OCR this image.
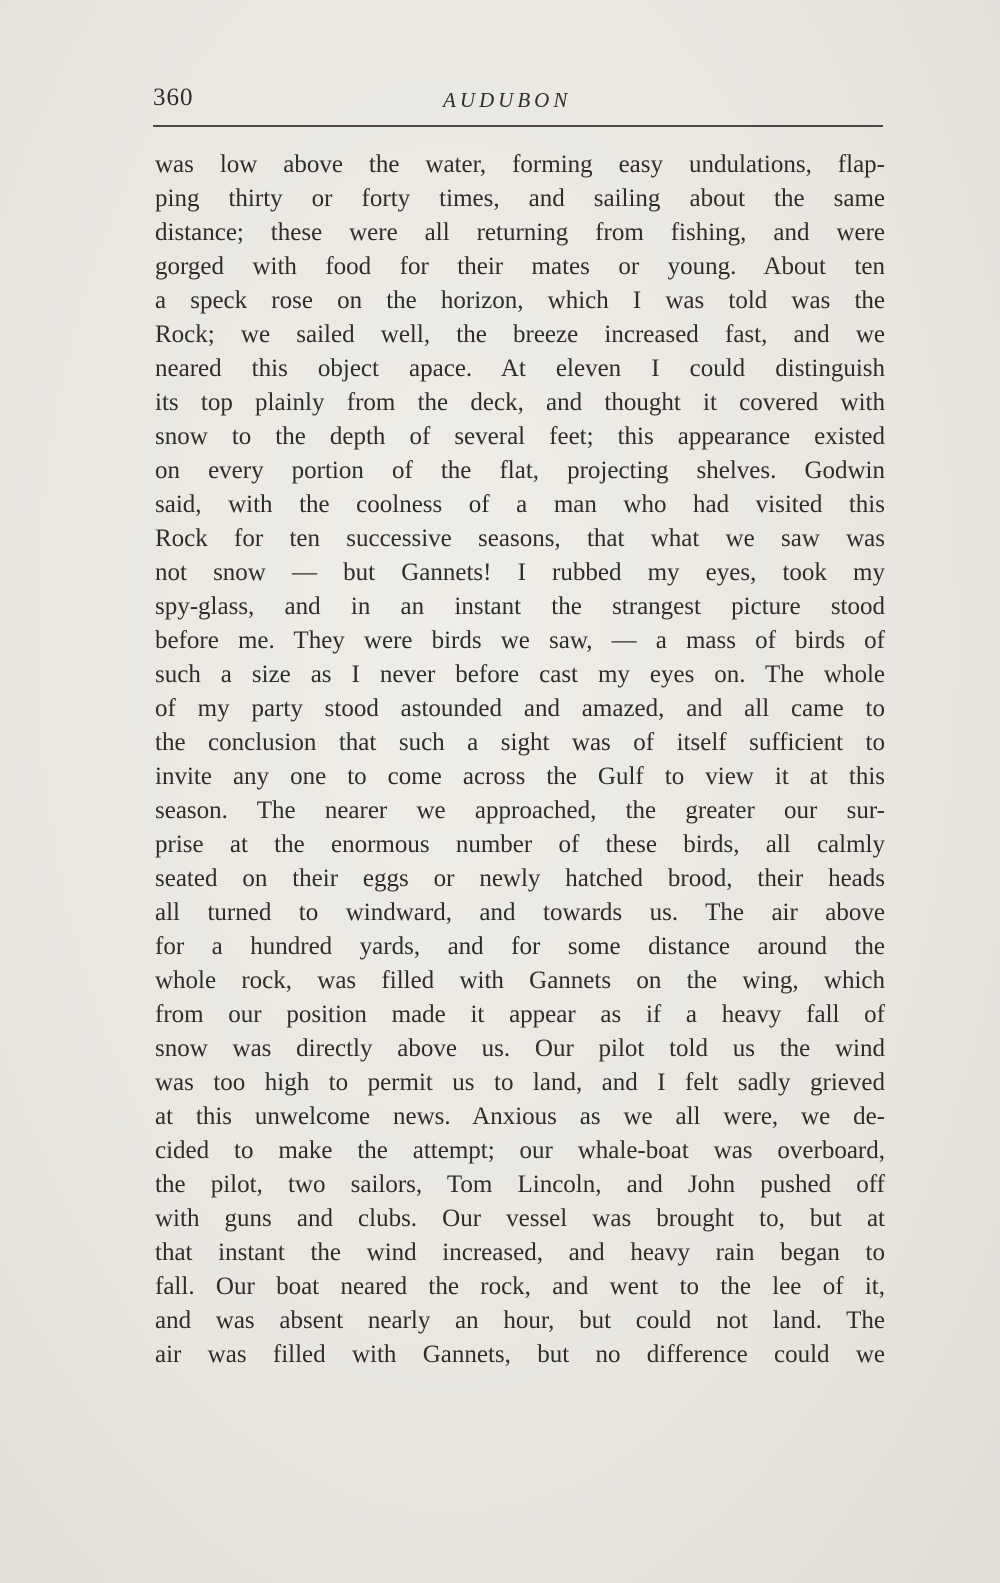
360	AUDUBON
was low above the water, forming easy undulations, flap-
ping thirty or forty times, and sailing about the same
distance; these were all returning from fishing, and were
gorged with food for their mates or young. About ten
a speck rose on the horizon, which I was told was the
Rock; we sailed well, the breeze increased fast, and we
neared this object apace. At eleven I could distinguish
its top plainly from the deck, and thought it covered with
snow to the depth of several feet; this appearance existed
on every portion of the flat, projecting shelves. Godwin
said, with the coolness of a man who had visited this
Rock for ten successive seasons, that what we saw was
not snow — but Gannets! I rubbed my eyes, took my
spy-glass, and in an instant the strangest picture stood
before me. They were birds we saw, — a mass of birds of
such a size as I never before cast my eyes on. The whole
of my party stood astounded and amazed, and all came to
the conclusion that such a sight was of itself sufficient to
invite any one to come across the Gulf to view it at this
season. The nearer we approached, the greater our sur-
prise at the enormous number of these birds, all calmly
seated on their eggs or newly hatched brood, their heads
all turned to windward, and towards us. The air above
for a hundred yards, and for some distance around the
whole rock, was filled with Gannets on the wing, which
from our position made it appear as if a heavy fall of
snow was directly above us. Our pilot told us the wind
was too high to permit us to land, and I felt sadly grieved
at this unwelcome news. Anxious as we all were, we de-
cided to make the attempt; our whale-boat was overboard,
the pilot, two sailors, Tom Lincoln, and John pushed off
with guns and clubs. Our vessel was brought to, but at
that instant the wind increased, and heavy rain began to
fall. Our boat neared the rock, and went to the lee of it,
and was absent nearly an hour, but could not land. The
air was filled with Gannets, but no difference could we
